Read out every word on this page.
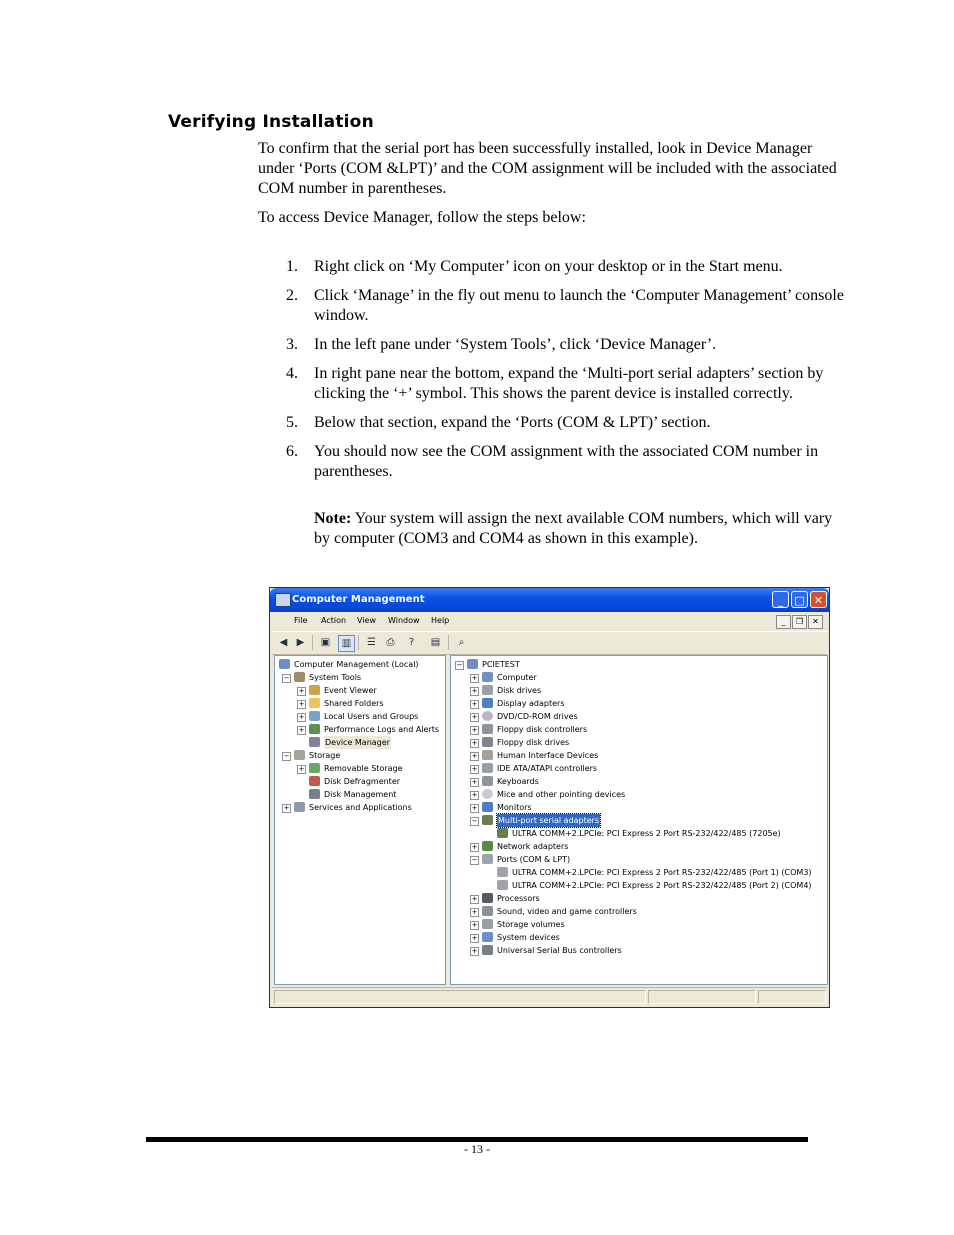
Verifying Installation
To confirm that the serial port has been successfully installed, look in Device Manager under ‘Ports (COM &LPT)’ and the COM assignment will be included with the associated COM number in parentheses.
To access Device Manager, follow the steps below:
1. Right click on ‘My Computer’ icon on your desktop or in the Start menu.
2. Click ‘Manage’ in the fly out menu to launch the ‘Computer Management’ console window.
3. In the left pane under ‘System Tools’, click ‘Device Manager’.
4. In right pane near the bottom, expand the ‘Multi-port serial adapters’ section by clicking the ‘+’ symbol. This shows the parent device is installed correctly.
5. Below that section, expand the ‘Ports (COM & LPT)’ section.
6. You should now see the COM assignment with the associated COM number in parentheses.
Note: Your system will assign the next available COM numbers, which will vary by computer (COM3 and COM4 as shown in this example).
Computer Management	_	□ ✕
File Action View Window Help	_	❐	✕
◀ ▶	▣	▥	☰	⎙	?	▤	⌕
Computer Management (Local)
− System Tools
+ Event Viewer
+ Shared Folders
+ Local Users and Groups
+ Performance Logs and Alerts
Device Manager
− Storage
+ Removable Storage
Disk Defragmenter
Disk Management
+ Services and Applications
− PCIETEST
+ Computer
+ Disk drives
+ Display adapters
+ DVD/CD-ROM drives
+ Floppy disk controllers
+ Floppy disk drives
+ Human Interface Devices
+ IDE ATA/ATAPI controllers
+ Keyboards
+ Mice and other pointing devices
+ Monitors
−	Multi-port serial adapters
ULTRA COMM+2.LPCIe: PCI Express 2 Port RS-232/422/485 (7205e)
+ Network adapters
− Ports (COM & LPT)
ULTRA COMM+2.LPCIe: PCI Express 2 Port RS-232/422/485 (Port 1) (COM3)
ULTRA COMM+2.LPCIe: PCI Express 2 Port RS-232/422/485 (Port 2) (COM4)
+ Processors
+ Sound, video and game controllers
+ Storage volumes
+ System devices
+ Universal Serial Bus controllers
- 13 -
